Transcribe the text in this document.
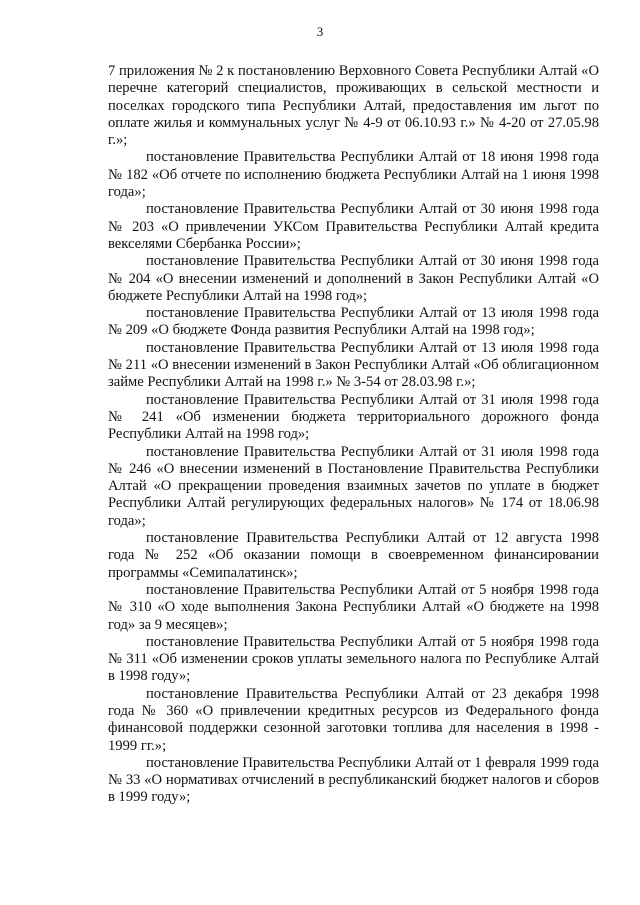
3

7 приложения № 2 к постановлению Верховного Совета Республики Алтай «О перечне категорий специалистов, проживающих в сельской местности и поселках городского типа Республики Алтай, предоставления им льгот по оплате жилья и коммунальных услуг № 4-9 от 06.10.93 г.» № 4-20 от 27.05.98 г.»;

постановление Правительства Республики Алтай от 18 июня 1998 года № 182 «Об отчете по исполнению бюджета Республики Алтай на 1 июня 1998 года»;

постановление Правительства Республики Алтай от 30 июня 1998 года № 203 «О привлечении УКСом Правительства Республики Алтай кредита векселями Сбербанка России»;

постановление Правительства Республики Алтай от 30 июня 1998 года № 204 «О внесении изменений и дополнений в Закон Республики Алтай «О бюджете Республики Алтай на 1998 год»;

постановление Правительства Республики Алтай от 13 июля 1998 года № 209 «О бюджете Фонда развития Республики Алтай на 1998 год»;

постановление Правительства Республики Алтай от 13 июля 1998 года № 211 «О внесении изменений в Закон Республики Алтай «Об облигационном займе Республики Алтай на 1998 г.» № 3-54 от 28.03.98 г.»;

постановление Правительства Республики Алтай от 31 июля 1998 года № 241 «Об изменении бюджета территориального дорожного фонда Республики Алтай на 1998 год»;

постановление Правительства Республики Алтай от 31 июля 1998 года № 246 «О внесении изменений в Постановление Правительства Республики Алтай «О прекращении проведения взаимных зачетов по уплате в бюджет Республики Алтай регулирующих федеральных налогов» № 174 от 18.06.98 года»;

постановление Правительства Республики Алтай от 12 августа 1998 года № 252 «Об оказании помощи в своевременном финансировании программы «Семипалатинск»;

постановление Правительства Республики Алтай от 5 ноября 1998 года № 310 «О ходе выполнения Закона Республики Алтай «О бюджете на 1998 год» за 9 месяцев»;

постановление Правительства Республики Алтай от 5 ноября 1998 года № 311 «Об изменении сроков уплаты земельного налога по Республике Алтай в 1998 году»;

постановление Правительства Республики Алтай от 23 декабря 1998 года № 360 «О привлечении кредитных ресурсов из Федерального фонда финансовой поддержки сезонной заготовки топлива для населения в 1998 - 1999 гг.»;

постановление Правительства Республики Алтай от 1 февраля 1999 года № 33 «О нормативах отчислений в республиканский бюджет налогов и сборов в 1999 году»;
